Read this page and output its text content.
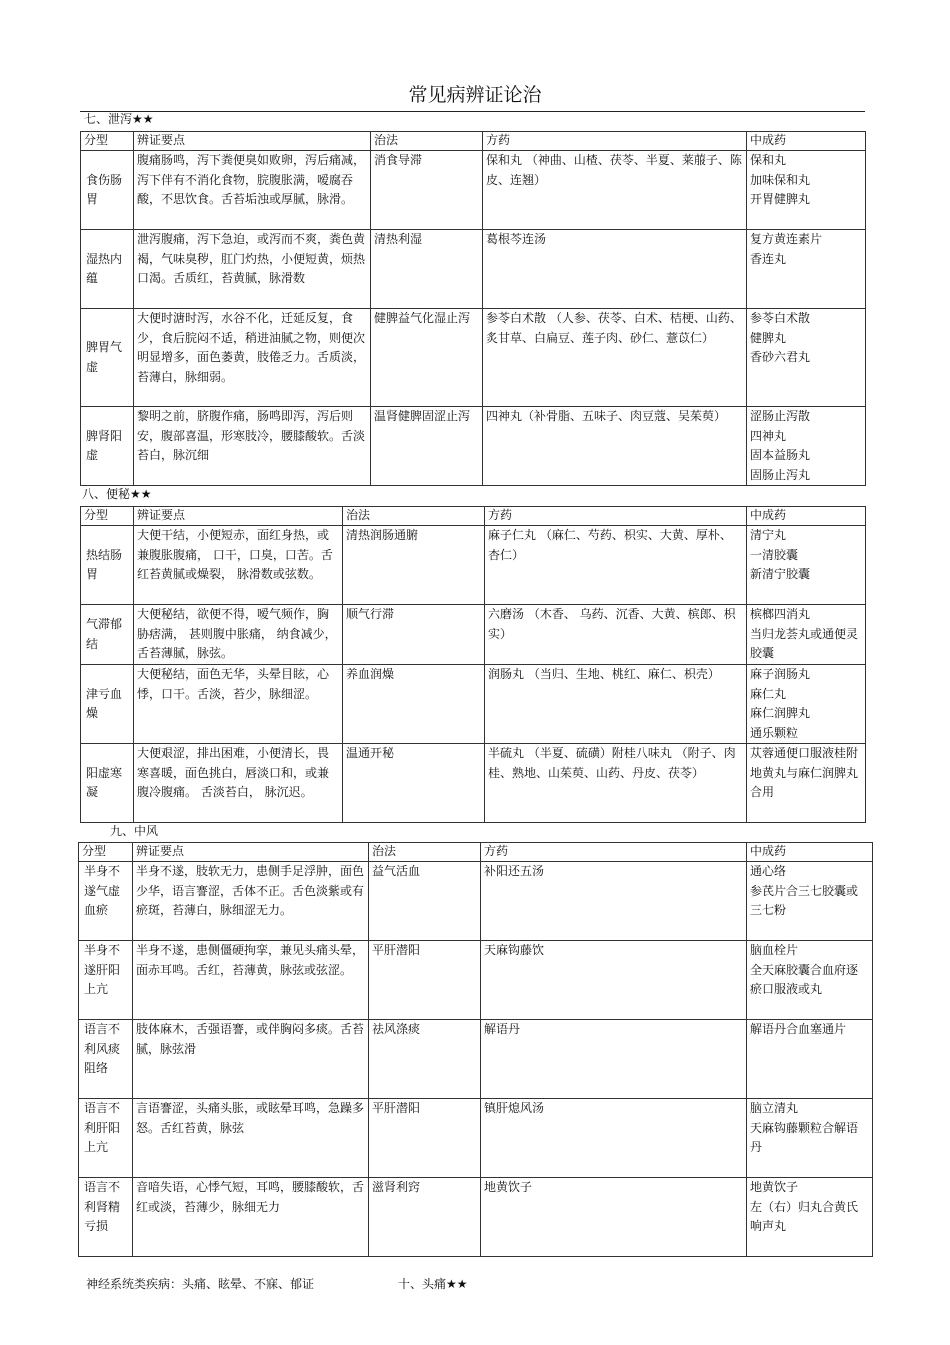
常见病辨证论治
七、泄泻★★
分型	辨证要点	治法	方药	中成药
食伤肠胃	腹痛肠鸣，泻下粪便臭如败卵，泻后痛减，泻下伴有不消化食物，脘腹胀满，嗳腐吞酸，不思饮食。舌苔垢浊或厚腻，脉滑。	消食导滞	保和丸 （神曲、山楂、茯苓、半夏、莱菔子、陈皮、连翘）	保和丸
加味保和丸
开胃健脾丸

湿热内蕴	泄泻腹痛，泻下急迫，或泻而不爽，粪色黄褐，气味臭秽，肛门灼热，小便短黄，烦热口渴。舌质红，苔黄腻，脉滑数	清热利湿	葛根芩连汤	复方黄连素片
香连丸

脾胃气虚	大便时溏时泻，水谷不化，迁延反复，食少，食后脘闷不适，稍进油腻之物，则便次明显增多，面色萎黄，肢倦乏力。舌质淡，苔薄白，脉细弱。	健脾益气化湿止泻	参苓白术散 （人参、茯苓、白术、桔梗、山药、炙甘草、白扁豆、莲子肉、砂仁、薏苡仁）	参苓白术散
健脾丸
香砂六君丸

脾肾阳虚	黎明之前，脐腹作痛，肠鸣即泻，泻后则安，腹部喜温，形寒肢冷，腰膝酸软。舌淡苔白，脉沉细	温肾健脾固涩止泻	四神丸（补骨脂、五味子、肉豆蔻、吴茱萸）	涩肠止泻散
四神丸
固本益肠丸
固肠止泻丸
八、便秘★★
分型	辨证要点	治法	方药	中成药
热结肠胃	大便干结，小便短赤，面红身热，或兼腹胀腹痛， 口干，口臭，口苦。舌红苔黄腻或燥裂， 脉滑数或弦数。	清热润肠通腑	麻子仁丸 （麻仁、芍药、枳实、大黄、厚朴、杏仁）	清宁丸
一清胶囊
新清宁胶囊

气滞郁结	大便秘结，欲便不得，嗳气频作，胸胁痞满， 甚则腹中胀痛， 纳食减少，舌苔薄腻，脉弦。	顺气行滞	六磨汤 （木香、 乌药、沉香、大黄、槟郎、枳实）	槟榔四消丸
当归龙荟丸或通便灵胶囊

津亏血燥	大便秘结，面色无华，头晕目眩，心悸，口干。舌淡，苔少，脉细涩。	养血润燥	润肠丸 （当归、生地、桃红、麻仁、枳壳）	麻子润肠丸
麻仁丸
麻仁润脾丸
通乐颗粒

阳虚寒凝	大便艰涩，排出困难，小便清长，畏寒喜暖，面色挑白，唇淡口和，或兼腹冷腹痛。 舌淡苔白， 脉沉迟。	温通开秘	半硫丸 （半夏、硫磺）附桂八味丸 （附子、肉桂、熟地、山茱萸、山药、丹皮、茯苓）	苁蓉通便口服液桂附地黄丸与麻仁润脾丸合用
九、中风
分型	辨证要点	治法	方药	中成药
半身不遂气虚血瘀	半身不遂，肢软无力，患侧手足浮肿，面色少华，语言謇涩，舌体不正。舌色淡紫或有瘀斑，苔薄白，脉细涩无力。	益气活血	补阳还五汤	通心络
参芪片合三七胶囊或三七粉

半身不遂肝阳上亢	半身不遂，患侧僵硬拘挛，兼见头痛头晕，面赤耳鸣。舌红，苔薄黄，脉弦或弦涩。	平肝潜阳	天麻钩藤饮	脑血栓片
全天麻胶囊合血府逐瘀口服液或丸

语言不利风痰阻络	肢体麻木，舌强语謇，或伴胸闷多痰。舌苔腻，脉弦滑	祛风涤痰	解语丹	解语丹合血塞通片
语言不利肝阳上亢	言语謇涩，头痛头胀，或眩晕耳鸣，急躁多怒。舌红苔黄，脉弦	平肝潜阳	镇肝熄风汤	脑立清丸
天麻钩藤颗粒合解语丹

语言不利肾精亏损	音喑失语，心悸气短，耳鸣，腰膝酸软，舌红或淡，苔薄少，脉细无力	滋肾利窍	地黄饮子	地黄饮子
左（右）归丸合黄氏响声丸
神经系统类疾病：头痛、眩晕、不寐、郁证	十、头痛★★
